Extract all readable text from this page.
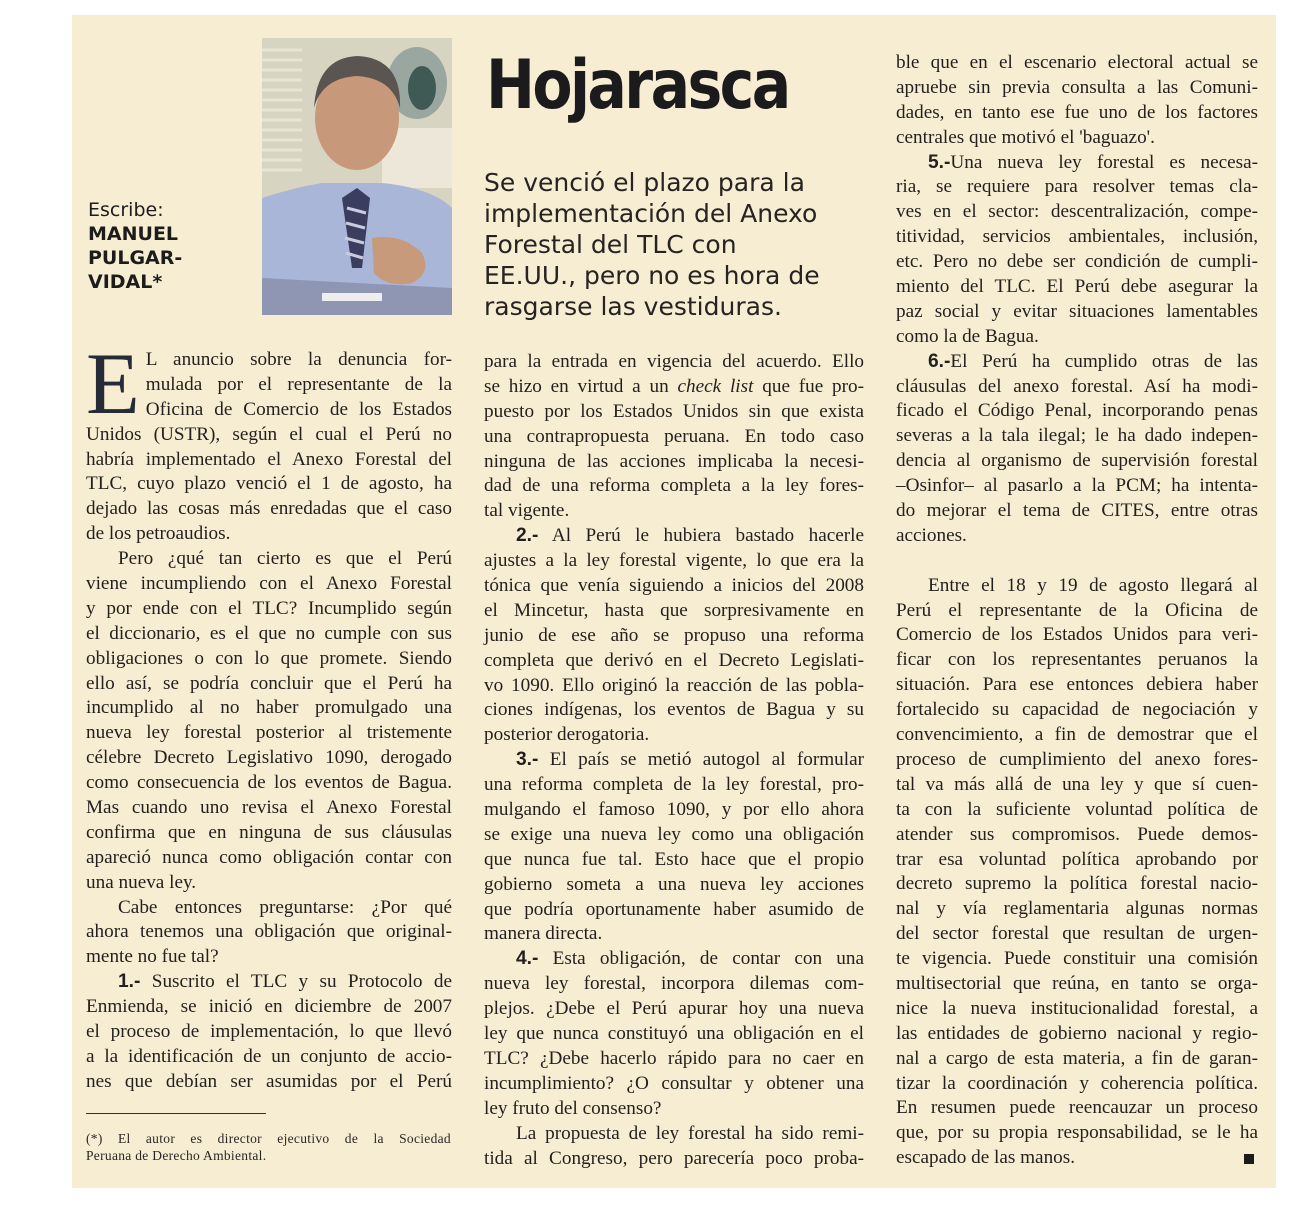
Escribe:
MANUEL
PULGAR-
VIDAL*
Hojarasca
Se venció el plazo para la
implementación del Anexo
Forestal del TLC con
EE.UU., pero no es hora de
rasgarse las vestiduras.
E L anuncio sobre la denuncia for-
mulada por el representante de la
Oficina de Comercio de los Estados
Unidos (USTR), según el cual el Perú no
habría implementado el Anexo Forestal del
TLC, cuyo plazo venció el 1 de agosto, ha
dejado las cosas más enredadas que el caso
de los petroaudios.
Pero ¿qué tan cierto es que el Perú
viene incumpliendo con el Anexo Forestal
y por ende con el TLC? Incumplido según
el diccionario, es el que no cumple con sus
obligaciones o con lo que promete. Siendo
ello así, se podría concluir que el Perú ha
incumplido al no haber promulgado una
nueva ley forestal posterior al tristemente
célebre Decreto Legislativo 1090, derogado
como consecuencia de los eventos de Bagua.
Mas cuando uno revisa el Anexo Forestal
confirma que en ninguna de sus cláusulas
apareció nunca como obligación contar con
una nueva ley.
Cabe entonces preguntarse: ¿Por qué
ahora tenemos una obligación que original-
mente no fue tal?
1.- Suscrito el TLC y su Protocolo de
Enmienda, se inició en diciembre de 2007
el proceso de implementación, lo que llevó
a la identificación de un conjunto de accio-
nes que debían ser asumidas por el Perú
(*) El autor es director ejecutivo de la Sociedad
Peruana de Derecho Ambiental.
para la entrada en vigencia del acuerdo. Ello
se hizo en virtud a un check list que fue pro-
puesto por los Estados Unidos sin que exista
una contrapropuesta peruana. En todo caso
ninguna de las acciones implicaba la necesi-
dad de una reforma completa a la ley fores-
tal vigente.
2.- Al Perú le hubiera bastado hacerle
ajustes a la ley forestal vigente, lo que era la
tónica que venía siguiendo a inicios del 2008
el Mincetur, hasta que sorpresivamente en
junio de ese año se propuso una reforma
completa que derivó en el Decreto Legislati-
vo 1090. Ello originó la reacción de las pobla-
ciones indígenas, los eventos de Bagua y su
posterior derogatoria.
3.- El país se metió autogol al formular
una reforma completa de la ley forestal, pro-
mulgando el famoso 1090, y por ello ahora
se exige una nueva ley como una obligación
que nunca fue tal. Esto hace que el propio
gobierno someta a una nueva ley acciones
que podría oportunamente haber asumido de
manera directa.
4.- Esta obligación, de contar con una
nueva ley forestal, incorpora dilemas com-
plejos. ¿Debe el Perú apurar hoy una nueva
ley que nunca constituyó una obligación en el
TLC? ¿Debe hacerlo rápido para no caer en
incumplimiento? ¿O consultar y obtener una
ley fruto del consenso?
La propuesta de ley forestal ha sido remi-
tida al Congreso, pero parecería poco proba-
ble que en el escenario electoral actual se
apruebe sin previa consulta a las Comuni-
dades, en tanto ese fue uno de los factores
centrales que motivó el 'baguazo'.
5.-Una nueva ley forestal es necesa-
ria, se requiere para resolver temas cla-
ves en el sector: descentralización, compe-
titividad, servicios ambientales, inclusión,
etc. Pero no debe ser condición de cumpli-
miento del TLC. El Perú debe asegurar la
paz social y evitar situaciones lamentables
como la de Bagua.
6.-El Perú ha cumplido otras de las
cláusulas del anexo forestal. Así ha modi-
ficado el Código Penal, incorporando penas
severas a la tala ilegal; le ha dado indepen-
dencia al organismo de supervisión forestal
–Osinfor– al pasarlo a la PCM; ha intenta-
do mejorar el tema de CITES, entre otras
acciones.
Entre el 18 y 19 de agosto llegará al
Perú el representante de la Oficina de
Comercio de los Estados Unidos para veri-
ficar con los representantes peruanos la
situación. Para ese entonces debiera haber
fortalecido su capacidad de negociación y
convencimiento, a fin de demostrar que el
proceso de cumplimiento del anexo fores-
tal va más allá de una ley y que sí cuen-
ta con la suficiente voluntad política de
atender sus compromisos. Puede demos-
trar esa voluntad política aprobando por
decreto supremo la política forestal nacio-
nal y vía reglamentaria algunas normas
del sector forestal que resultan de urgen-
te vigencia. Puede constituir una comisión
multisectorial que reúna, en tanto se orga-
nice la nueva institucionalidad forestal, a
las entidades de gobierno nacional y regio-
nal a cargo de esta materia, a fin de garan-
tizar la coordinación y coherencia política.
En resumen puede reencauzar un proceso
que, por su propia responsabilidad, se le ha
escapado de las manos.
